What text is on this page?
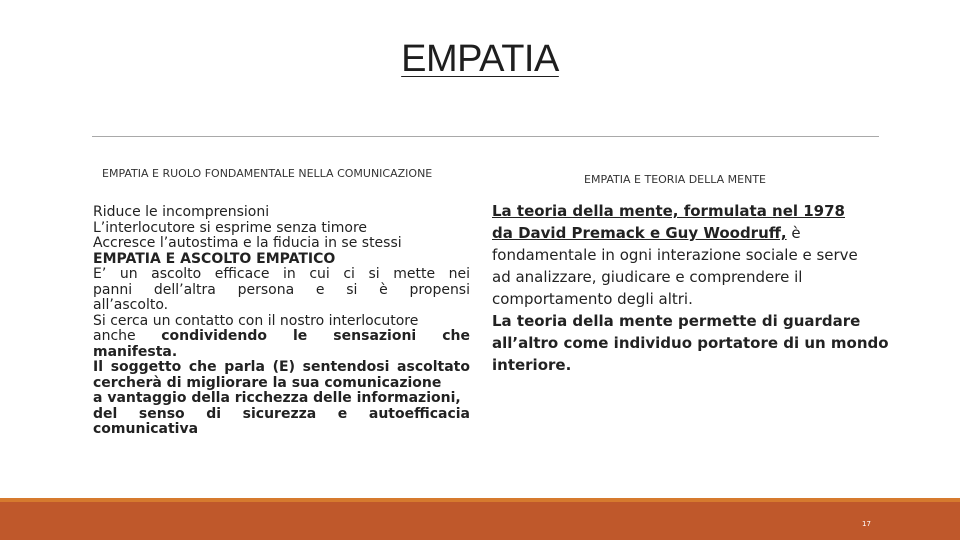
EMPATIA
EMPATIA E RUOLO FONDAMENTALE NELLA COMUNICAZIONE	EMPATIA E TEORIA DELLA MENTE
Riduce le incomprensioni
L’interlocutore si esprime senza timore
Accresce l’autostima e la fiducia in se stessi
EMPATIA E ASCOLTO EMPATICO
E’ un ascolto efficace in cui ci si mette nei
panni dell’altra persona e si è propensi
all’ascolto.
Si cerca un contatto con il nostro interlocutore
anche condividendo le sensazioni che
manifesta.
Il soggetto che parla (E) sentendosi ascoltato
cercherà di migliorare la sua comunicazione
a vantaggio della ricchezza delle informazioni,
del senso di sicurezza e autoefficacia
comunicativa
La teoria della mente, formulata nel 1978
da David Premack e Guy Woodruff, è
fondamentale in ogni interazione sociale e serve
ad analizzare, giudicare e comprendere il
comportamento degli altri.
La teoria della mente permette di guardare
all’altro come individuo portatore di un mondo
interiore.
17
